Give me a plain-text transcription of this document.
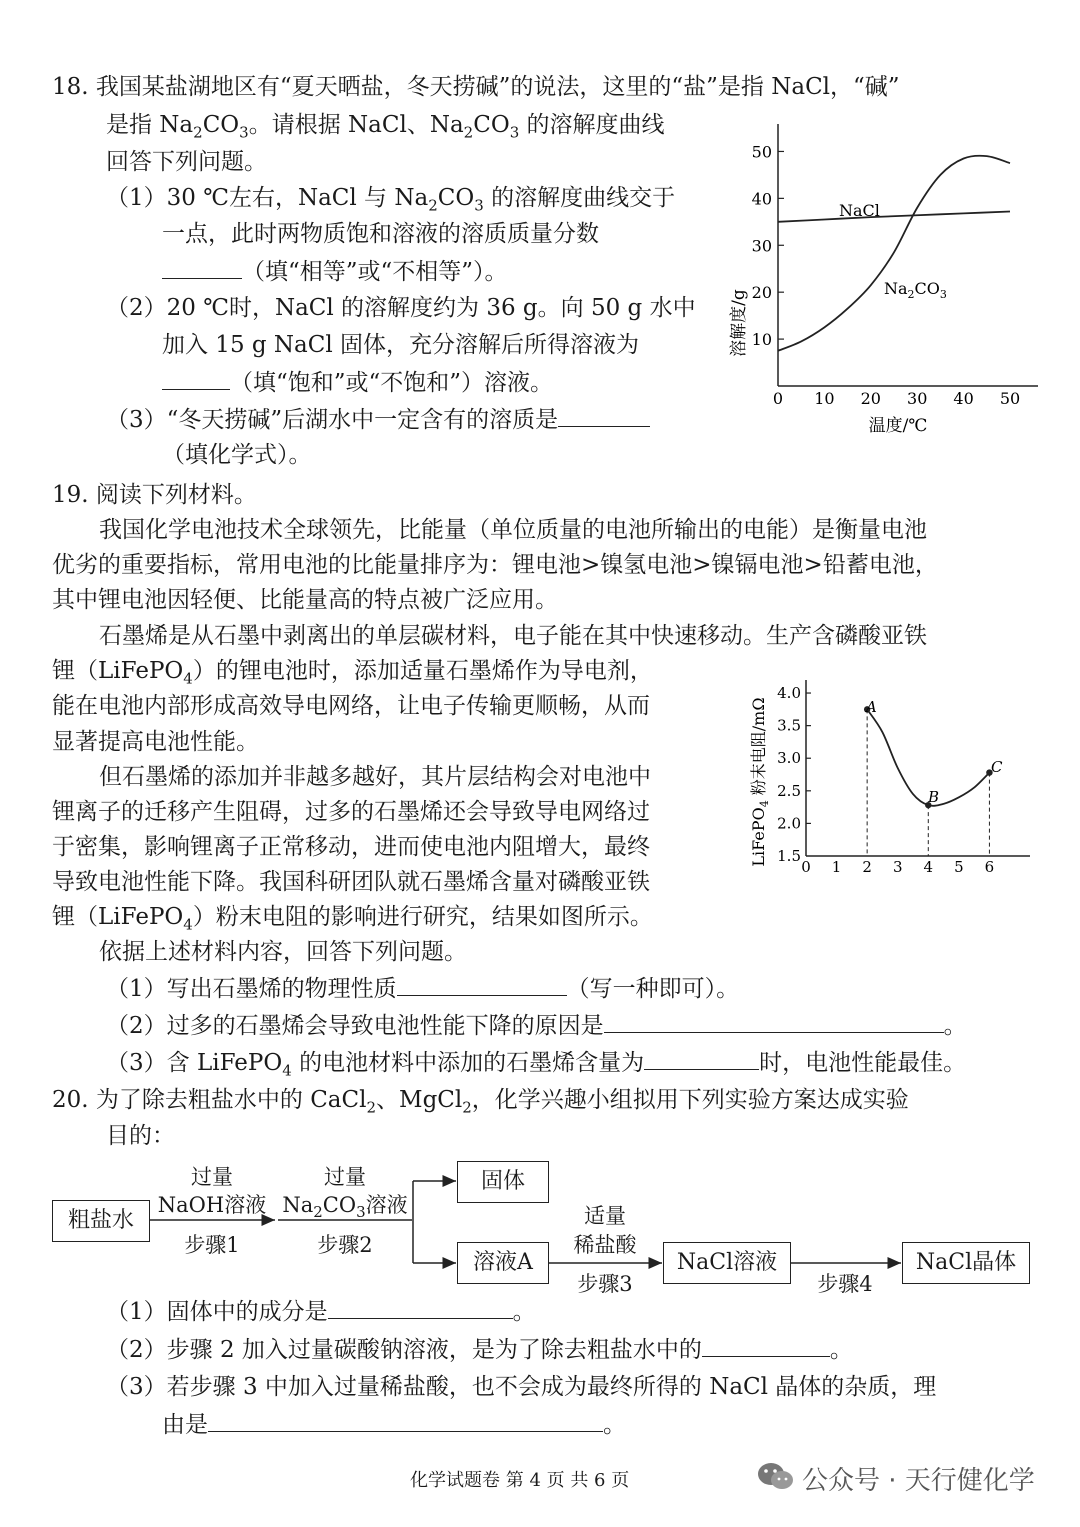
18. 我国某盐湖地区有“夏天晒盐，冬天捞碱”的说法，这里的“盐”是指 NaCl，“碱”
是指 $Na_2CO_3$。请根据 NaCl、$Na_2CO_3$ 的溶解度曲线
回答下列问题。
（1）30 ℃左右，NaCl 与 $Na_2CO_3$ 的溶解度曲线交于
一点，此时两物质饱和溶液的溶质质量分数
（填“相等”或“不相等”）。
（2）20 ℃时，NaCl 的溶解度约为 36 g。向 50 g 水中
加入 15 g NaCl 固体，充分溶解后所得溶液为
（填“饱和”或“不饱和”）溶液。
（3）“冬天捞碱”后湖水中一定含有的溶质是
（填化学式）。
0 10 20 30 40 50
10
20
30
40
50
溶解度/g
温度/℃
NaCl
$Na_2CO_3$
19. 阅读下列材料。
我国化学电池技术全球领先，比能量（单位质量的电池所输出的电能）是衡量电池
优劣的重要指标，常用电池的比能量排序为：锂电池>镍氢电池>镍镉电池>铅蓄电池，
其中锂电池因轻便、比能量高的特点被广泛应用。
石墨烯是从石墨中剥离出的单层碳材料，电子能在其中快速移动。生产含磷酸亚铁
锂（LiFePO$_4$）的锂电池时，添加适量石墨烯作为导电剂，
能在电池内部形成高效导电网络，让电子传输更顺畅，从而
显著提高电池性能。
但石墨烯的添加并非越多越好，其片层结构会对电池中
锂离子的迁移产生阻碍，过多的石墨烯还会导致导电网络过
于密集，影响锂离子正常移动，进而使电池内阻增大，最终
导致电池性能下降。我国科研团队就石墨烯含量对磷酸亚铁
锂（LiFePO$_4$）粉末电阻的影响进行研究，结果如图所示。
依据上述材料内容，回答下列问题。
（1）写出石墨烯的物理性质	（写一种即可）。
（2）过多的石墨烯会导致电池性能下降的原因是	。
（3）含 LiFePO$_4$ 的电池材料中添加的石墨烯含量为	时，电池性能最佳。
0 1 2 3 4 5 6
1.5
2.0
2.5
3.0
3.5
4.0
LiFePO$_4$ 粉末电阻/mΩ	A
B
C
20. 为了除去粗盐水中的 CaCl$_2$、MgCl$_2$，化学兴趣小组拟用下列实验方案达成实验
目的：
粗盐水
固体
溶液A	NaCl溶液	NaCl晶体
过量
NaOH溶液
步骤1
过量
$Na_2CO_3$溶液
步骤2
适量
稀盐酸
步骤3	步骤4
（1）固体中的成分是	。
（2）步骤 2 加入过量碳酸钠溶液，是为了除去粗盐水中的	。
（3）若步骤 3 中加入过量稀盐酸，也不会成为最终所得的 NaCl 晶体的杂质，理
由是	。
化学试题卷 第 4 页 共 6 页	公众号 · 天行健化学
